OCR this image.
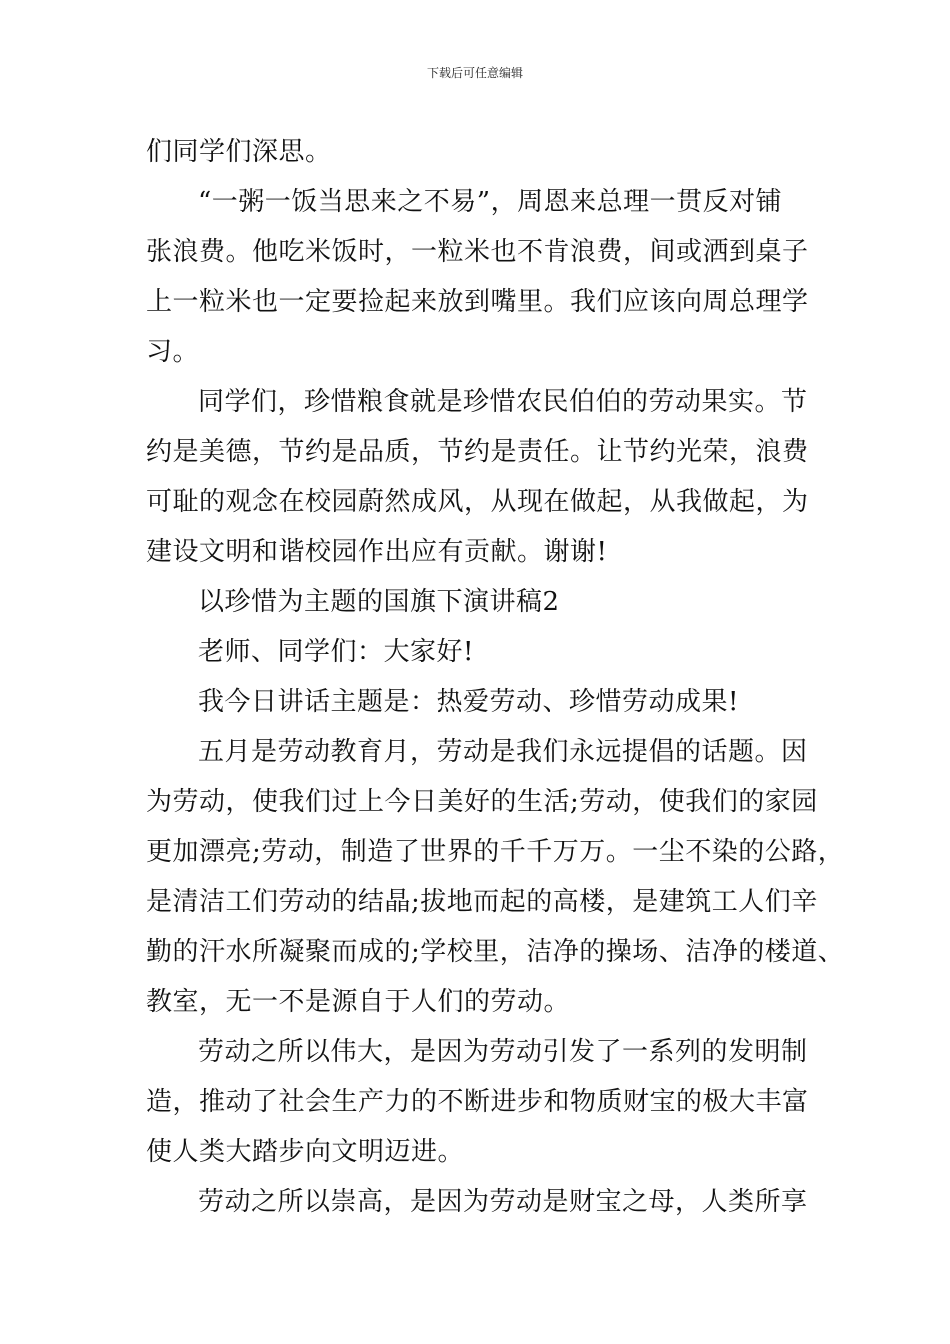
下载后可任意编辑
们同学们深思。
“一粥一饭当思来之不易”，周恩来总理一贯反对铺
张浪费。他吃米饭时，一粒米也不肯浪费，间或洒到桌子
上一粒米也一定要捡起来放到嘴里。我们应该向周总理学
习。
同学们，珍惜粮食就是珍惜农民伯伯的劳动果实。节
约是美德，节约是品质，节约是责任。让节约光荣，浪费
可耻的观念在校园蔚然成风，从现在做起，从我做起，为
建设文明和谐校园作出应有贡献。谢谢!
以珍惜为主题的国旗下演讲稿2
老师、同学们：大家好!
我今日讲话主题是：热爱劳动、珍惜劳动成果!
五月是劳动教育月，劳动是我们永远提倡的话题。因
为劳动，使我们过上今日美好的生活;劳动，使我们的家园
更加漂亮;劳动，制造了世界的千千万万。一尘不染的公路，
是清洁工们劳动的结晶;拔地而起的高楼，是建筑工人们辛
勤的汗水所凝聚而成的;学校里，洁净的操场、洁净的楼道、
教室，无一不是源自于人们的劳动。
劳动之所以伟大，是因为劳动引发了一系列的发明制
造，推动了社会生产力的不断进步和物质财宝的极大丰富
使人类大踏步向文明迈进。
劳动之所以崇高，是因为劳动是财宝之母，人类所享
